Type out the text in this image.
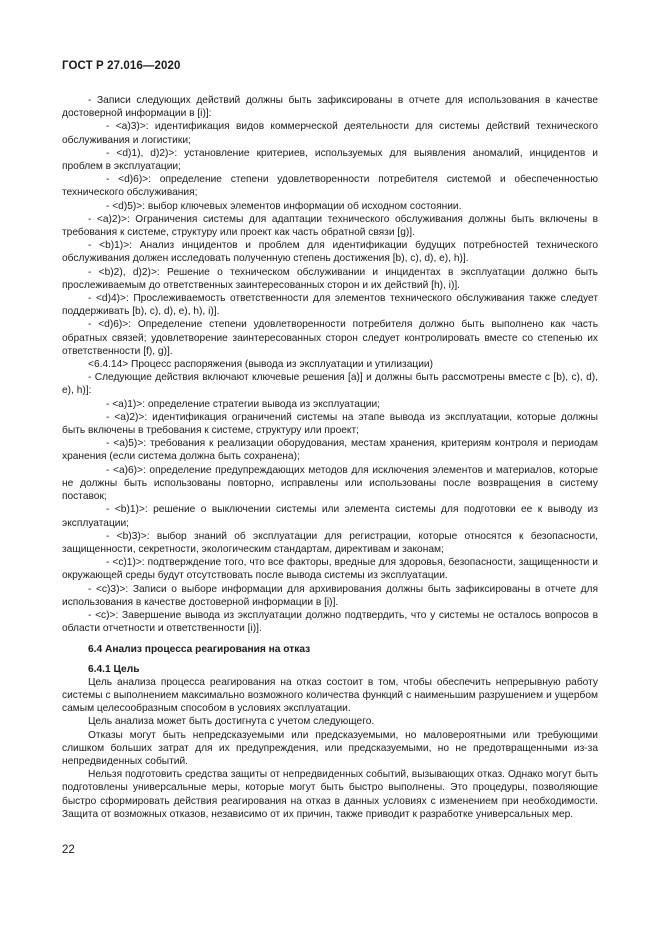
ГОСТ Р 27.016—2020

- Записи следующих действий должны быть зафиксированы в отчете для использования в качестве достоверной информации в [i)]:

- <a)3)>: идентификация видов коммерческой деятельности для системы действий технического обслуживания и логистики;

- <d)1), d)2)>: установление критериев, используемых для выявления аномалий, инцидентов и проблем в эксплуатации;

- <d)6)>: определение степени удовлетворенности потребителя системой и обеспеченностью технического обслуживания;

- <d)5)>: выбор ключевых элементов информации об исходном состоянии.

- <a)2)>: Ограничения системы для адаптации технического обслуживания должны быть включены в требования к системе, структуру или проект как часть обратной связи [g)].

- <b)1)>: Анализ инцидентов и проблем для идентификации будущих потребностей технического обслуживания должен исследовать полученную степень достижения [b), c), d), e), h)].

- <b)2), d)2)>: Решение о техническом обслуживании и инцидентах в эксплуатации должно быть прослеживаемым до ответственных заинтересованных сторон и их действий [h), i)].

- <d)4)>: Прослеживаемость ответственности для элементов технического обслуживания также следует поддерживать [b), c), d), e), h), i)].

- <d)6)>: Определение степени удовлетворенности потребителя должно быть выполнено как часть обратных связей; удовлетворение заинтересованных сторон следует контролировать вместе со степенью их ответственности [f), g)].

<6.4.14> Процесс распоряжения (вывода из эксплуатации и утилизации)

- Следующие действия включают ключевые решения [a)] и должны быть рассмотрены вместе с [b), c), d), e), h)]:

- <a)1)>: определение стратегии вывода из эксплуатации;

- <a)2)>: идентификация ограничений системы на этапе вывода из эксплуатации, которые должны быть включены в требования к системе, структуру или проект;

- <a)5)>: требования к реализации оборудования, местам хранения, критериям контроля и периодам хранения (если система должна быть сохранена);

- <a)6)>: определение предупреждающих методов для исключения элементов и материалов, которые не должны быть использованы повторно, исправлены или использованы после возвращения в систему поставок;

- <b)1)>: решение о выключении системы или элемента системы для подготовки ее к выводу из эксплуатации;

- <b)3)>: выбор знаний об эксплуатации для регистрации, которые относятся к безопасности, защищенности, секретности, экологическим стандартам, директивам и законам;

- <c)1)>: подтверждение того, что все факторы, вредные для здоровья, безопасности, защищенности и окружающей среды будут отсутствовать после вывода системы из эксплуатации.

- <c)3)>: Записи о выборе информации для архивирования должны быть зафиксированы в отчете для использования в качестве достоверной информации в [i)].

- <c)>: Завершение вывода из эксплуатации должно подтвердить, что у системы не осталось вопросов в области отчетности и ответственности [i)].

6.4 Анализ процесса реагирования на отказ

6.4.1 Цель

Цель анализа процесса реагирования на отказ состоит в том, чтобы обеспечить непрерывную работу системы с выполнением максимально возможного количества функций с наименьшим разрушением и ущербом самым целесообразным способом в условиях эксплуатации.

Цель анализа может быть достигнута с учетом следующего.

Отказы могут быть непредсказуемыми или предсказуемыми, но маловероятными или требующими слишком больших затрат для их предупреждения, или предсказуемыми, но не предотвращенными из-за непредвиденных событий.

Нельзя подготовить средства защиты от непредвиденных событий, вызывающих отказ. Однако могут быть подготовлены универсальные меры, которые могут быть быстро выполнены. Это процедуры, позволяющие быстро сформировать действия реагирования на отказ в данных условиях с изменением при необходимости. Защита от возможных отказов, независимо от их причин, также приводит к разработке универсальных мер.

22
